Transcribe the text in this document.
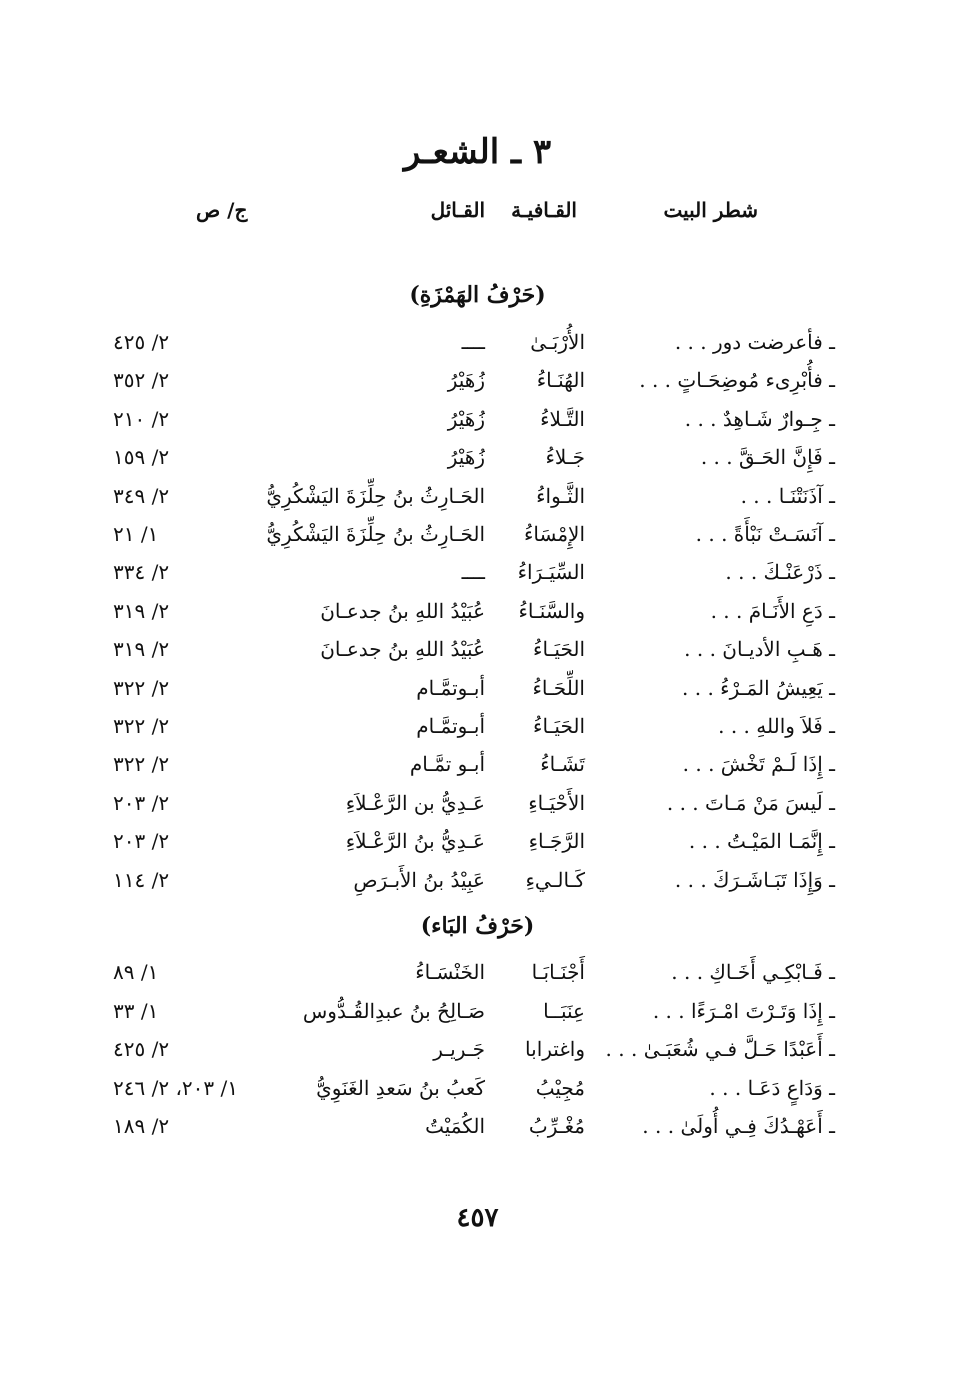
٣ ـ الشعـر
شطر البيت
القـافيـة
القـائل
ج/ ص
(حَرْفُ الهَمْزَةِ)
ـ فأعرضت دور . . .
الأُرْبَـىٰ
ــــ
٢/ ٤٢٥
ـ فأُبْرِىء مُوضِحَـاتٍ . . .
الهُنَـاءُ
زُهَيْرُ
٢/ ٣٥٢
ـ جِـوارٌ شَـاهِدٌ . . .
التَّـلاءُ
زُهَيْرُ
٢/ ٢١٠
ـ فَإِنَّ الحَـقَّ . . .
جَـلاءُ
زُهَيْرُ
٢/ ١٥٩
ـ آذَنَتْنَـا . . .
الثَّـواءُ
الحَـارِثُ بنُ حِلِّزَةَ اليَشْكُرِيُّ
٢/ ٣٤٩
ـ آنَسَـتْ نَبْأَةً . . .
الإِمْسَاءُ
الحَـارِثُ بنُ حِلِّزَةَ اليَشْكُرِيُّ
١/ ٢١
ـ ذَرْعَنْـكَ . . .
السِّيَـرَاءُ
ــــ
٢/ ٣٣٤
ـ دَعِ الأَنَـامَ . . .
والسَّنَـاءُ
عُبَيْدُ اللهِ بنُ جدعـانَ
٢/ ٣١٩
ـ هَـبِ الأديـانَ . . .
الحَيَـاءُ
عُبَيْدُ اللهِ بنُ جدعـانَ
٢/ ٣١٩
ـ يَعِيشُ المَـرْءُ . . .
اللِّحَـاءُ
أبـوتمَّـام
٢/ ٣٢٢
ـ فَلاَ واللهِ . . .
الحَيَـاءُ
أبـوتمَّـام
٢/ ٣٢٢
ـ إِذَا لَـمْ تَخْشَ . . .
تَشَـاءُ
أبـو تمَّـام
٢/ ٣٢٢
ـ لَيسَ مَنْ مَـاتَ . . .
الأَحْيَـاءِ
عَـدِيُّ بن الرَّعْـلاَءِ
٢/ ٢٠٣
ـ إِنَّمَـا المَيْـتُ . . .
الرَّجَـاءِ
عَـدِيُّ بنُ الرَّعْـلاَءِ
٢/ ٢٠٣
ـ وَإِذَا تَبَـاشَـرَكَ . . .
كَـالـيءِ
عَبِيْدُ بنُ الأَبـرَصِ
٢/ ١١٤
(حَرْفُ البَاء)
ـ فَـابْكِـي أَخَـاكِ . . .
أَجْنَـابَـا
الخَنْسَـاءُ
١/ ٨٩
ـ إِذَا وَتَـرْتَ امْـرَءًا . . .
عِنَبَــا
صَـالِحُ بنُ عبدِالقُـدُّوس
١/ ٣٣
ـ أَعَبْدًا حَـلَّ فـي شُعَبَـىٰ . . .
واغترابا
جَـريـر
٢/ ٤٢٥
ـ وَدَاعٍ دَعَـا . . .
مُجِيْبُ
كَعبُ بنُ سَعدِ الغَنَوِيُّ
١/ ٢٠٣، ٢/ ٢٤٦
ـ أَعَهْـدُكَ فِـي أُولَىٰ . . .
مُغْـرِّبُ
الكُمَيْتُ
٢/ ١٨٩
٤٥٧
